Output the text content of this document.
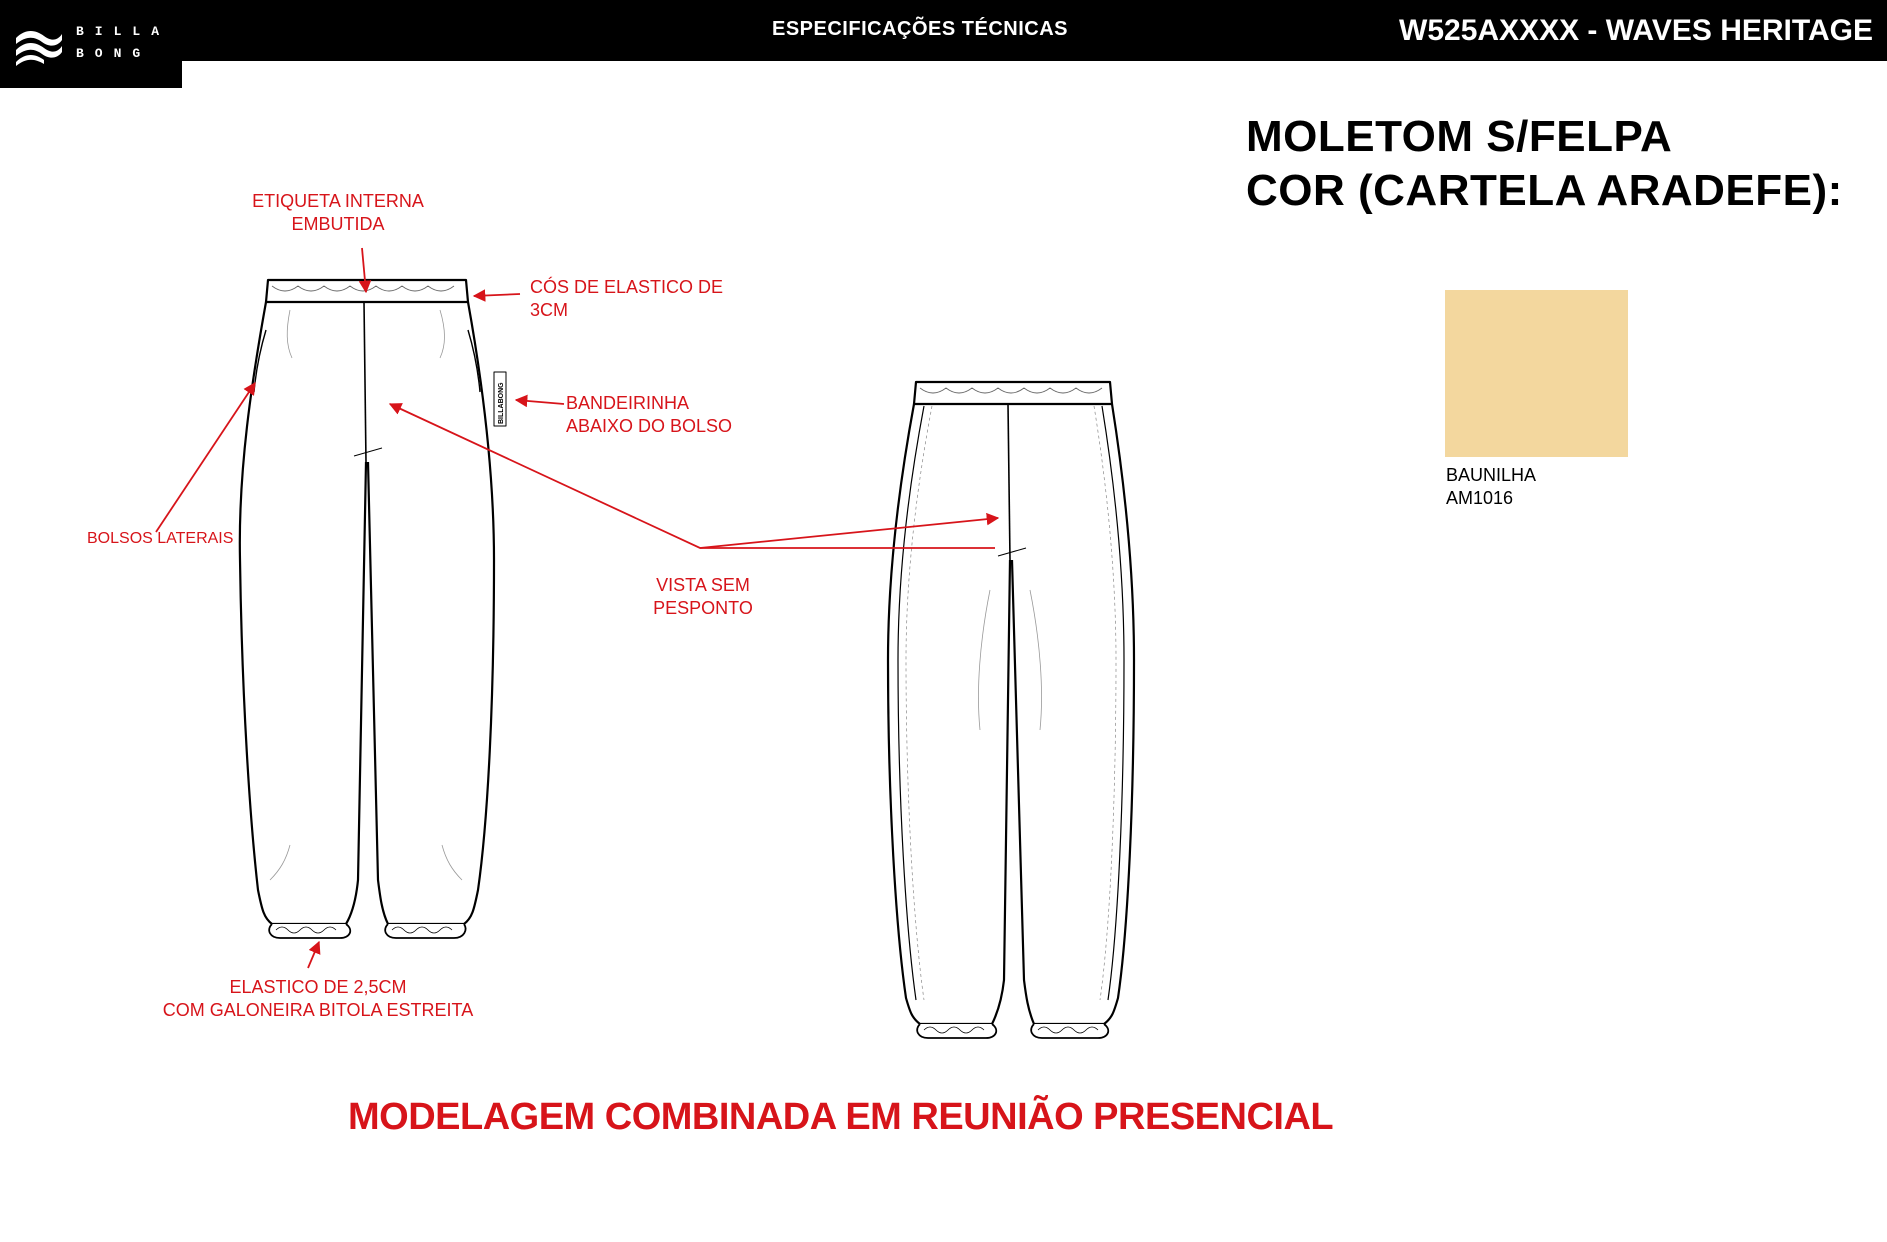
BILLA
BONG
ESPECIFICAÇÕES TÉCNICAS	W525AXXXX - WAVES HERITAGE
MOLETOM S/FELPA
COR (CARTELA ARADEFE):
BAUNILHA
AM1016
BILLABONG
ETIQUETA INTERNA
EMBUTIDA
CÓS DE ELASTICO DE
3CM
BANDEIRINHA
ABAIXO DO BOLSO
BOLSOS LATERAIS
VISTA SEM
PESPONTO
ELASTICO DE 2,5CM
COM GALONEIRA BITOLA ESTREITA
MODELAGEM COMBINADA EM REUNIÃO PRESENCIAL
